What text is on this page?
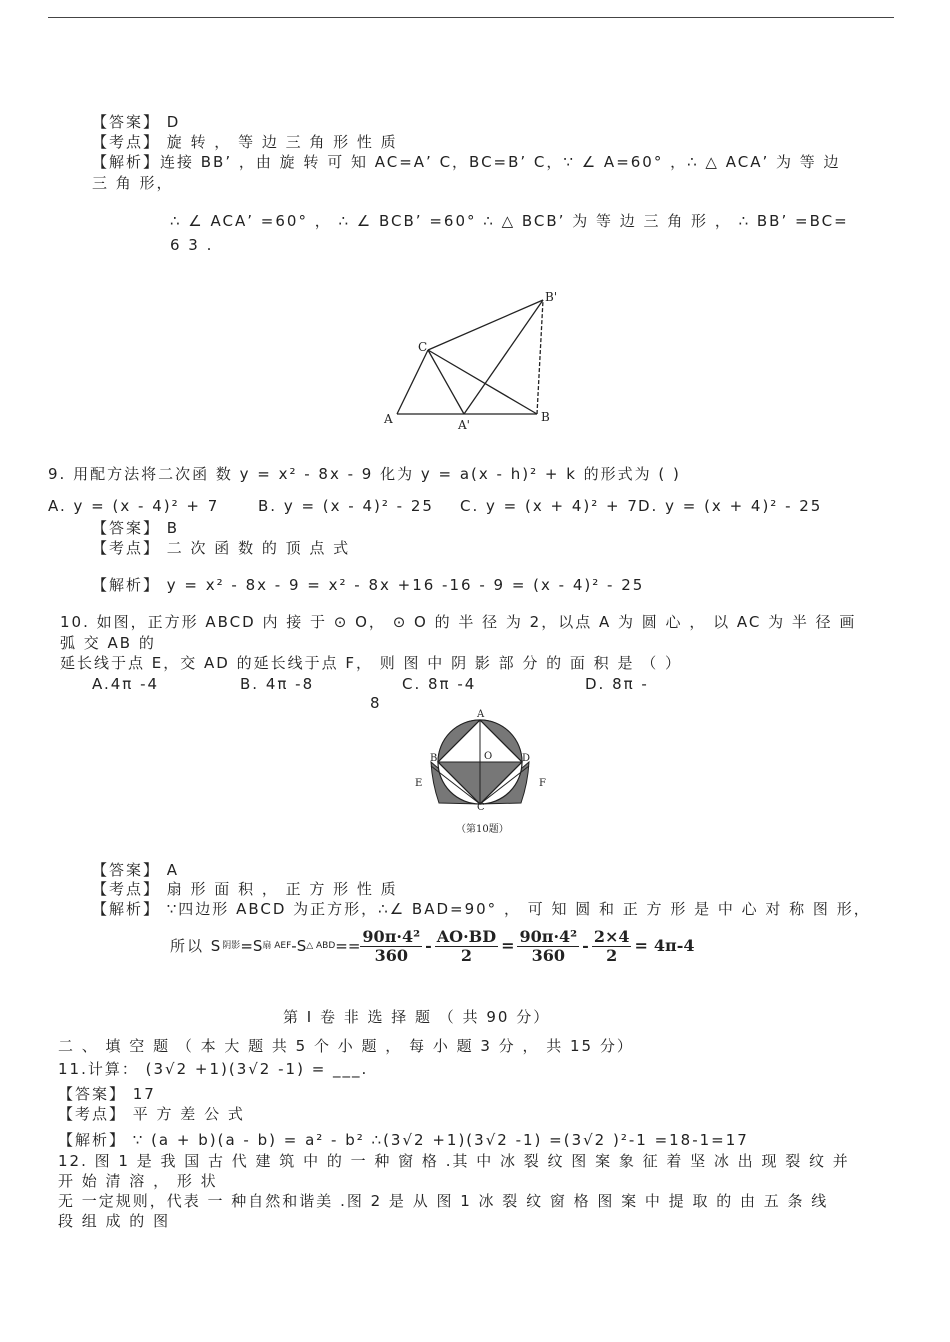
【答案】 D
【考点】 旋 转 ， 等 边 三 角 形 性 质
【解析】连接 BB’ ，由 旋 转 可 知 AC=A’ C，BC=B’ C，∵ ∠ A=60° ，∴ △ ACA’ 为 等 边
三 角 形，
∴ ∠ ACA’ =60° ， ∴ ∠ BCB’ =60° ∴ △ BCB’ 为 等 边 三 角 形 ， ∴ BB’ =BC=
6 3 .
A	A'
B
B'
C
9. 用配方法将二次函 数 y = x² - 8x - 9 化为 y = a(x - h)² + k 的形式为 ( )
A. y = (x - 4)² + 7	B. y = (x - 4)² - 25 C. y = (x + 4)² + 7 D. y = (x + 4)² - 25
【答案】 B
【考点】 二 次 函 数 的 顶 点 式
【解析】 y = x² - 8x - 9 = x² - 8x +16 -16 - 9 = (x - 4)² - 25
10. 如图，正方形 ABCD 内 接 于 ⊙ O， ⊙ O 的 半 径 为 2，以点 A 为 圆 心 ， 以 AC 为 半 径 画
弧 交 AB 的
延长线于点 E，交 AD 的延长线于点 F， 则 图 中 阴 影 部 分 的 面 积 是 （ ）
A.4π -4	B. 4π -8	C. 8π -4	D. 8π -
8
A
B
C
D
E	F
O
（第10题）
【答案】 A
【考点】 扇 形 面 积 ， 正 方 形 性 质
【解析】 ∵四边形 ABCD 为正方形，∴∠ BAD=90° ， 可 知 圆 和 正 方 形 是 中 心 对 称 图 形，
所以 S 阴影 =S 扇 AEF -S △ ABD == $\frac{\text{90π·4²}}{360} - \frac{AO\cdot BD}{2} = \frac{\text{90π·4²}}{360} - \frac{2\times 4}{2} = 4\pi-4$
第 I 卷 非 选 择 题 （ 共 90 分）
二 、 填 空 题 （ 本 大 题 共 5 个 小 题 ， 每 小 题 3 分 ， 共 15 分）
11.计算： (3√2 +1)(3√2 -1) = ___.
【答案】 17
【考点】 平 方 差 公 式
【解析】 ∵ (a + b)(a - b) = a² - b² ∴(3√2 +1)(3√2 -1) =(3√2 )²-1 =18-1=17
12. 图 1 是 我 国 古 代 建 筑 中 的 一 种 窗 格 .其 中 冰 裂 纹 图 案 象 征 着 坚 冰 出 现 裂 纹 并
开 始 清 溶 ， 形 状
无 一定规则，代表 一 种自然和谐美 .图 2 是 从 图 1 冰 裂 纹 窗 格 图 案 中 提 取 的 由 五 条 线
段 组 成 的 图
